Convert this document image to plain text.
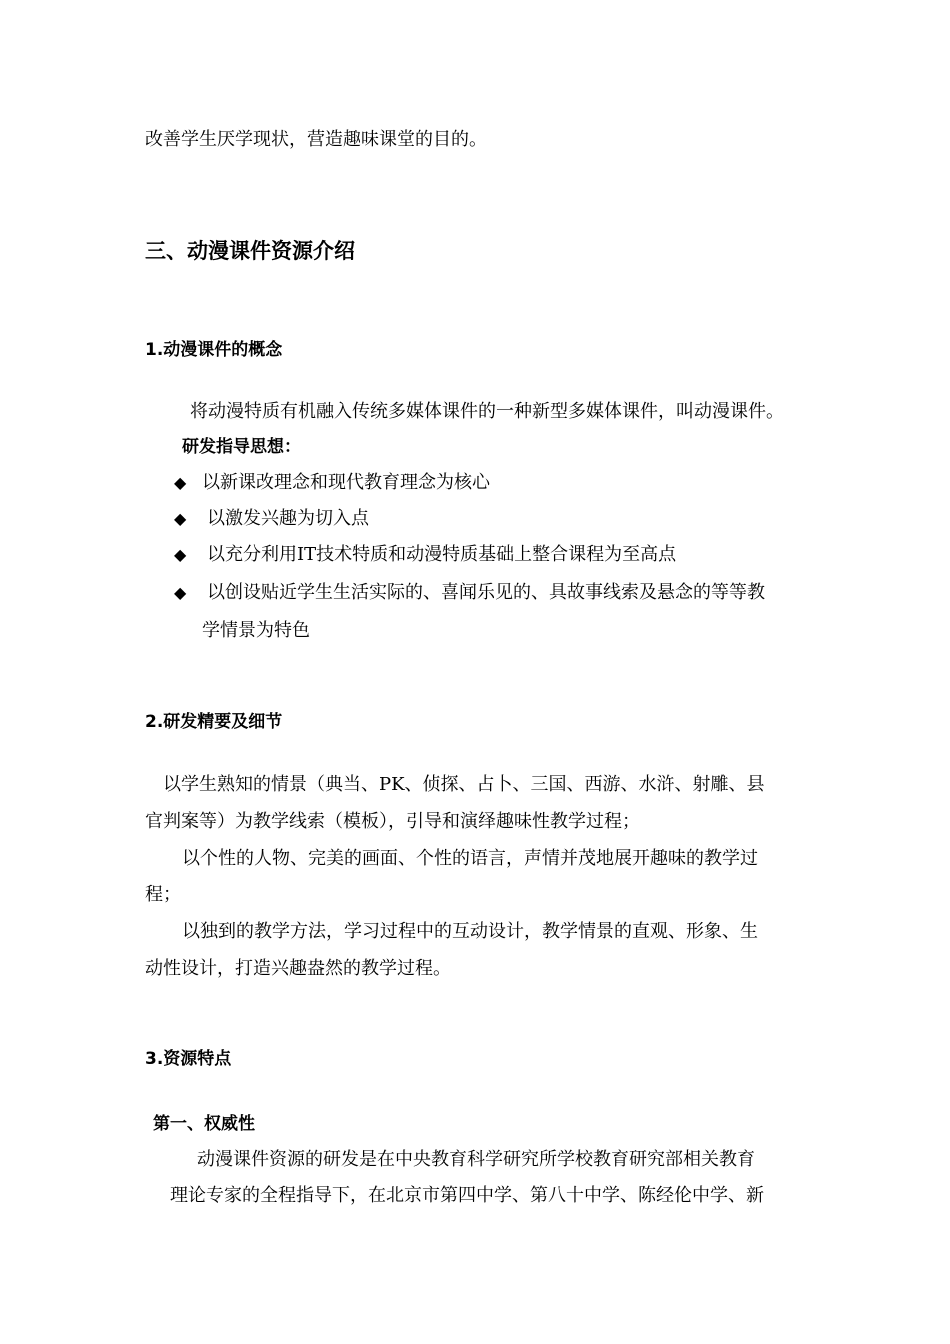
改善学生厌学现状，营造趣味课堂的目的。
三、动漫课件资源介绍
1.动漫课件的概念
将动漫特质有机融入传统多媒体课件的一种新型多媒体课件，叫动漫课件。
研发指导思想：
◆ 以新课改理念和现代教育理念为核心
◆ 以激发兴趣为切入点
◆ 以充分利用IT技术特质和动漫特质基础上整合课程为至高点
◆ 以创设贴近学生生活实际的、喜闻乐见的、具故事线索及悬念的等等教
学情景为特色
2.研发精要及细节
以学生熟知的情景（典当、PK、侦探、占卜、三国、西游、水浒、射雕、县
官判案等）为教学线索（模板），引导和演绎趣味性教学过程；
以个性的人物、完美的画面、个性的语言，声情并茂地展开趣味的教学过
程；
以独到的教学方法，学习过程中的互动设计，教学情景的直观、形象、生
动性设计，打造兴趣盎然的教学过程。
3.资源特点
第一、权威性
动漫课件资源的研发是在中央教育科学研究所学校教育研究部相关教育
理论专家的全程指导下，在北京市第四中学、第八十中学、陈经伦中学、新
